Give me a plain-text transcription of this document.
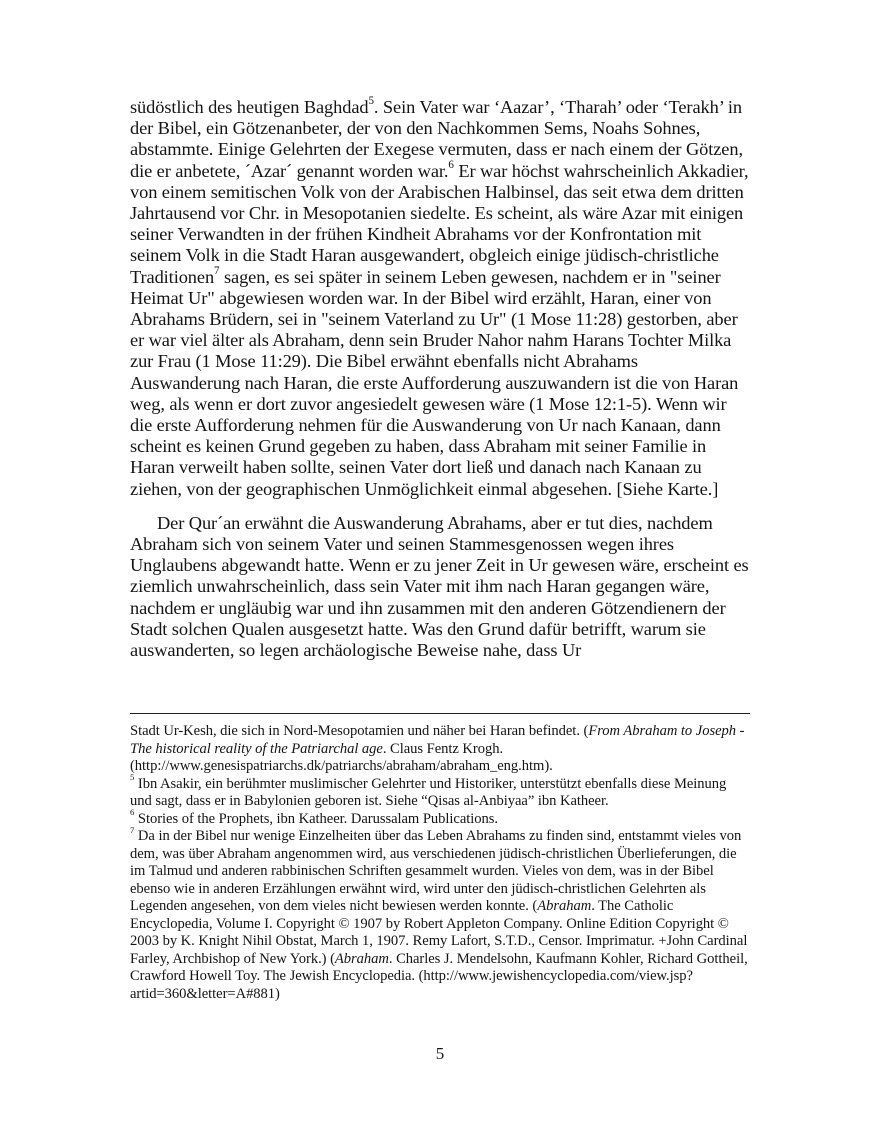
südöstlich des heutigen Baghdad$^5$. Sein Vater war ‘Aazar’, ‘Tharah’ oder ‘Terakh’ in der Bibel, ein Götzenanbeter, der von den Nachkommen Sems, Noahs Sohnes, abstammte. Einige Gelehrten der Exegese vermuten, dass er nach einem der Götzen, die er anbetete, ´Azar´ genannt worden war.$^6$ Er war höchst wahrscheinlich Akkadier, von einem semitischen Volk von der Arabischen Halbinsel, das seit etwa dem dritten Jahrtausend vor Chr. in Mesopotanien siedelte. Es scheint, als wäre Azar mit einigen seiner Verwandten in der frühen Kindheit Abrahams vor der Konfrontation mit seinem Volk in die Stadt Haran ausgewandert, obgleich einige jüdisch-christliche Traditionen$^7$ sagen, es sei später in seinem Leben gewesen, nachdem er in "seiner Heimat Ur" abgewiesen worden war. In der Bibel wird erzählt, Haran, einer von Abrahams Brüdern, sei in "seinem Vaterland zu Ur" (1 Mose 11:28) gestorben, aber er war viel älter als Abraham, denn sein Bruder Nahor nahm Harans Tochter Milka zur Frau (1 Mose 11:29). Die Bibel erwähnt ebenfalls nicht Abrahams Auswanderung nach Haran, die erste Aufforderung auszuwandern ist die von Haran weg, als wenn er dort zuvor angesiedelt gewesen wäre (1 Mose 12:1-5). Wenn wir die erste Aufforderung nehmen für die Auswanderung von Ur nach Kanaan, dann scheint es keinen Grund gegeben zu haben, dass Abraham mit seiner Familie in Haran verweilt haben sollte, seinen Vater dort ließ und danach nach Kanaan zu ziehen, von der geographischen Unmöglichkeit einmal abgesehen. [Siehe Karte.]

Der Qur´an erwähnt die Auswanderung Abrahams, aber er tut dies, nachdem Abraham sich von seinem Vater und seinen Stammesgenossen wegen ihres Unglaubens abgewandt hatte. Wenn er zu jener Zeit in Ur gewesen wäre, erscheint es ziemlich unwahrscheinlich, dass sein Vater mit ihm nach Haran gegangen wäre, nachdem er ungläubig war und ihn zusammen mit den anderen Götzendienern der Stadt solchen Qualen ausgesetzt hatte. Was den Grund dafür betrifft, warum sie auswanderten, so legen archäologische Beweise nahe, dass Ur

Stadt Ur-Kesh, die sich in Nord-Mesopotamien und näher bei Haran befindet. (From Abraham to Joseph - The historical reality of the Patriarchal age. Claus Fentz Krogh. (http://www.genesispatriarchs.dk/patriarchs/abraham/abraham_eng.htm).

$^5$ Ibn Asakir, ein berühmter muslimischer Gelehrter und Historiker, unterstützt ebenfalls diese Meinung und sagt, dass er in Babylonien geboren ist. Siehe “Qisas al-Anbiyaa” ibn Katheer.

$^6$ Stories of the Prophets, ibn Katheer. Darussalam Publications.

$^7$ Da in der Bibel nur wenige Einzelheiten über das Leben Abrahams zu finden sind, entstammt vieles von dem, was über Abraham angenommen wird, aus verschiedenen jüdisch-christlichen Überlieferungen, die im Talmud und anderen rabbinischen Schriften gesammelt wurden. Vieles von dem, was in der Bibel ebenso wie in anderen Erzählungen erwähnt wird, wird unter den jüdisch-christlichen Gelehrten als Legenden angesehen, von dem vieles nicht bewiesen werden konnte. (Abraham. The Catholic Encyclopedia, Volume I. Copyright © 1907 by Robert Appleton Company. Online Edition Copyright © 2003 by K. Knight Nihil Obstat, March 1, 1907. Remy Lafort, S.T.D., Censor. Imprimatur. +John Cardinal Farley, Archbishop of New York.) (Abraham. Charles J. Mendelsohn, Kaufmann Kohler, Richard Gottheil, Crawford Howell Toy. The Jewish Encyclopedia. (http://www.jewishencyclopedia.com/view.jsp?artid=360&letter=A#881)

5
